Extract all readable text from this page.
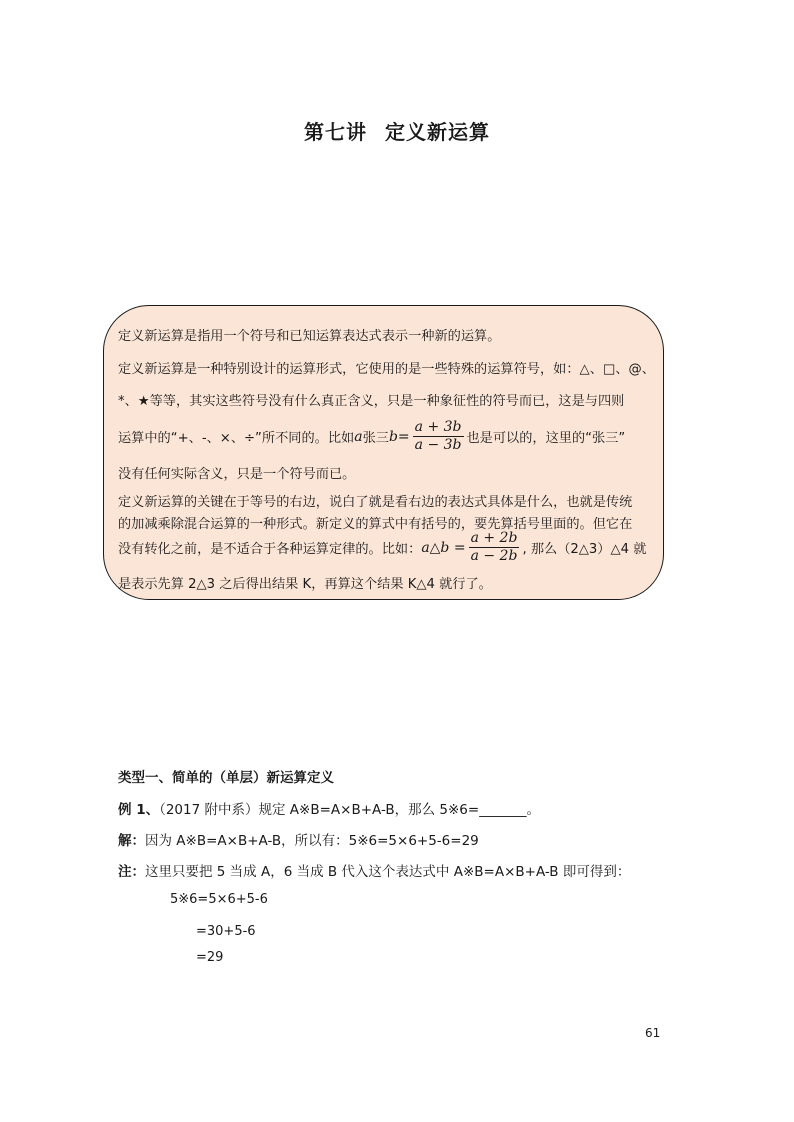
第七讲 定义新运算
定义新运算是指用一个符号和已知运算表达式表示一种新的运算。
定义新运算是一种特别设计的运算形式，它使用的是一些特殊的运算符号，如：△、□、@、
*、★等等，其实这些符号没有什么真正含义，只是一种象征性的符号而已，这是与四则
运算中的“+、-、×、÷”所不同的。比如 a 张三 $b = \frac{a + 3b}{a - 3b}$ 也是可以的，这里的“张三”
没有任何实际含义，只是一个符号而已。
定义新运算的关键在于等号的右边，说白了就是看右边的表达式具体是什么，也就是传统
的加减乘除混合运算的一种形式。新定义的算式中有括号的，要先算括号里面的。但它在
没有转化之前，是不适合于各种运算定律的。比如： a△b = $\frac{a + 2b}{a - 2b}$ , 那么（2△3）△4 就
是表示先算 2△3 之后得出结果 K，再算这个结果 K△4 就行了。
类型一、简单的（单层）新运算定义
例 1、（2017 附中系）规定 A※B=A×B+A-B，那么 5※6=_______。
解：因为 A※B=A×B+A-B，所以有：5※6=5×6+5-6=29
注：这里只要把 5 当成 A，6 当成 B 代入这个表达式中 A※B=A×B+A-B 即可得到：
5※6=5×6+5-6
=30+5-6
=29
61
